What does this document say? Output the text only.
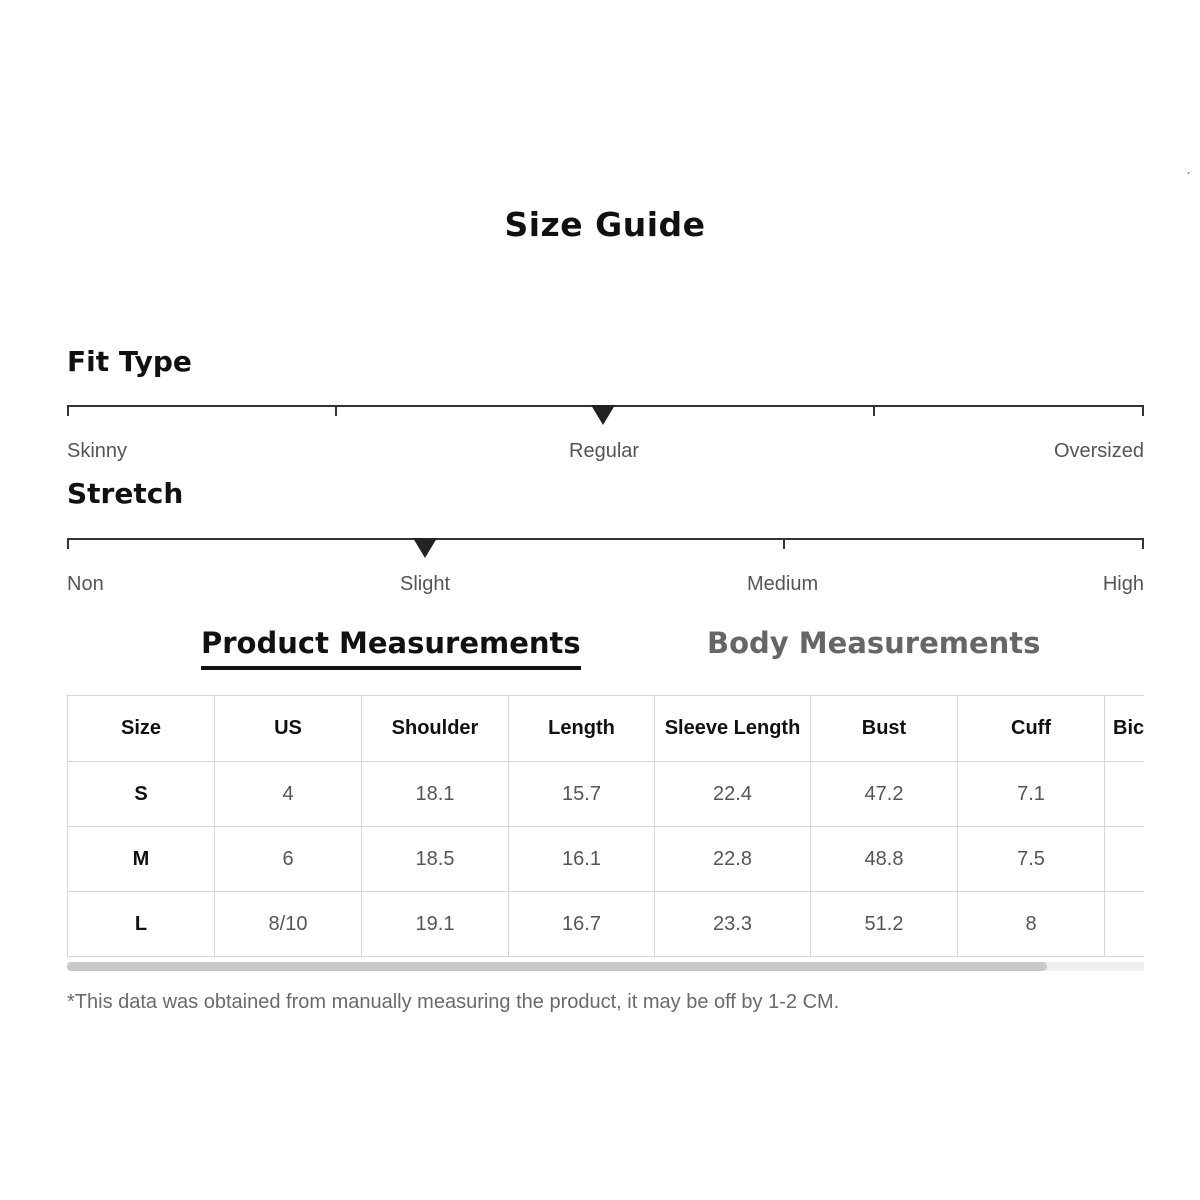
Size Guide
´
Fit Type
Skinny	Regular	Oversized
Stretch
Non	Slight	Medium	High
Product Measurements	Body Measurements
Size	US	Shoulder	Length	Sleeve Length	Bust	Cuff	Bic
S	4	18.1	15.7	22.4	47.2	7.1	
M	6	18.5	16.1	22.8	48.8	7.5	
L	8/10	19.1	16.7	23.3	51.2	8	
*This data was obtained from manually measuring the product, it may be off by 1-2 CM.
